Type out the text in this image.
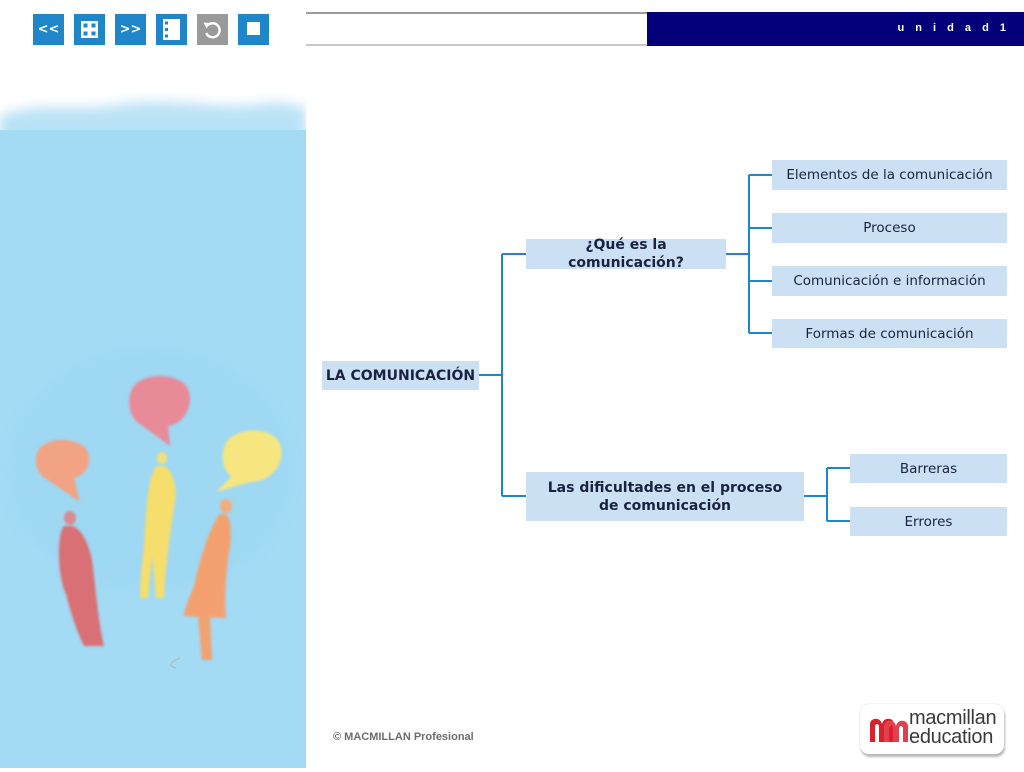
<<	>>	u n i d a d 1
LA COMUNICACIÓN
¿Qué es la comunicación?
Las dificultades en el proceso
de comunicación
Elementos de la comunicación
Proceso
Comunicación e información
Formas de comunicación
Barreras
Errores
© MACMILLAN Profesional
macmillan
education
